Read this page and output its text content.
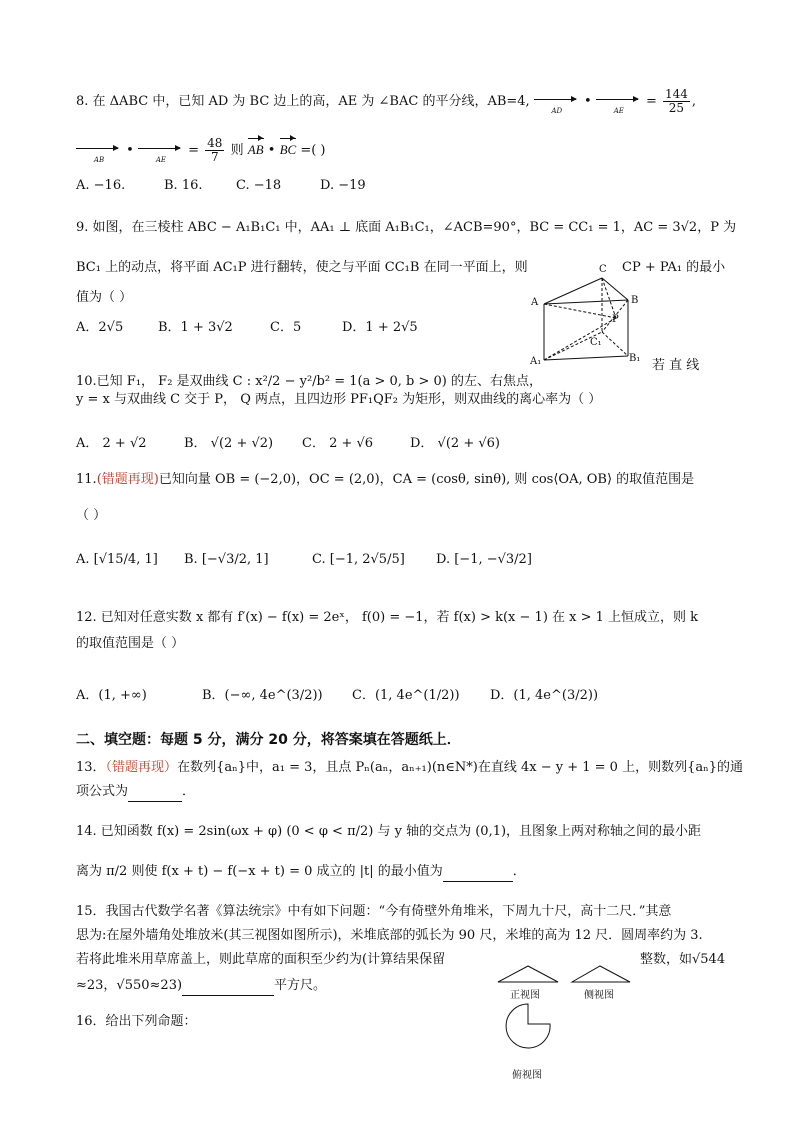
8. 在 ΔABC 中，已知 AD 为 BC 边上的高，AE 为 ∠BAC 的平分线，AB=4,
AD
•
AE
= $\frac{144}{25}$ ,
AB
•
AE
= $\frac{48}{7}$ 则 AB • BC =( )
A. −16.	B. 16.	C. −18	D. −19
9. 如图，在三棱柱 ABC − A₁B₁C₁ 中，AA₁ ⊥ 底面 A₁B₁C₁，∠ACB=90°，BC = CC₁ = 1，AC = 3√2，P 为
BC₁ 上的动点，将平面 AC₁P 进行翻转，使之与平面 CC₁B 在同一平面上，则	CP + PA₁ 的最小
值为（ ）
A．2√5	B．1 + 3√2	C．5	D．1 + 2√5
C
A	B
P
C₁
A₁	B₁ 若 直 线
10.已知 F₁， F₂ 是双曲线 C : x²/2 − y²/b² = 1(a > 0, b > 0) 的左、右焦点，
y = x 与双曲线 C 交于 P， Q 两点，且四边形 PF₁QF₂ 为矩形，则双曲线的离心率为（ ）
A． 2 + √2	B． √(2 + √2) C． 2 + √6	D． √(2 + √6)
11.(错题再现)已知向量 OB = (−2,0)，OC = (2,0)，CA = (cosθ, sinθ), 则 cos⟨OA, OB⟩ 的取值范围是
（ ）
A. [√15/4, 1] B. [−√3/2, 1]	C. [−1, 2√5/5] D. [−1, −√3/2]
12. 已知对任意实数 x 都有 f′(x) − f(x) = 2eˣ， f(0) = −1，若 f(x) > k(x − 1) 在 x > 1 上恒成立，则 k
的取值范围是（ ）
A．(1, +∞)	B．(−∞, 4e^(3/2)) C．(1, 4e^(1/2)) D．(1, 4e^(3/2))
二、填空题：每题 5 分，满分 20 分，将答案填在答题纸上．
13．（错题再现）在数列{aₙ}中，a₁ = 3，且点 Pₙ(aₙ，aₙ₊₁)(n∈N*)在直线 4x − y + 1 = 0 上，则数列{aₙ}的通
项公式为	．
14. 已知函数 f(x) = 2sin(ωx + φ) (0 < φ < π/2) 与 y 轴的交点为 (0,1)，且图象上两对称轴之间的最小距
离为 π/2 则使 f(x + t) − f(−x + t) = 0 成立的 |t| 的最小值为	．
15．我国古代数学名著《算法统宗》中有如下问题：“今有倚壁外角堆米，下周九十尺，高十二尺．”其意
思为:在屋外墙角处堆放米(其三视图如图所示)，米堆底部的弧长为 90 尺，米堆的高为 12 尺．圆周率约为 3.
若将此堆米用草席盖上，则此草席的面积至少约为(计算结果保留	整数，如√544
≈23，√550≈23)	平方尺。
正视图	侧视图
俯视图
16．给出下列命题：
